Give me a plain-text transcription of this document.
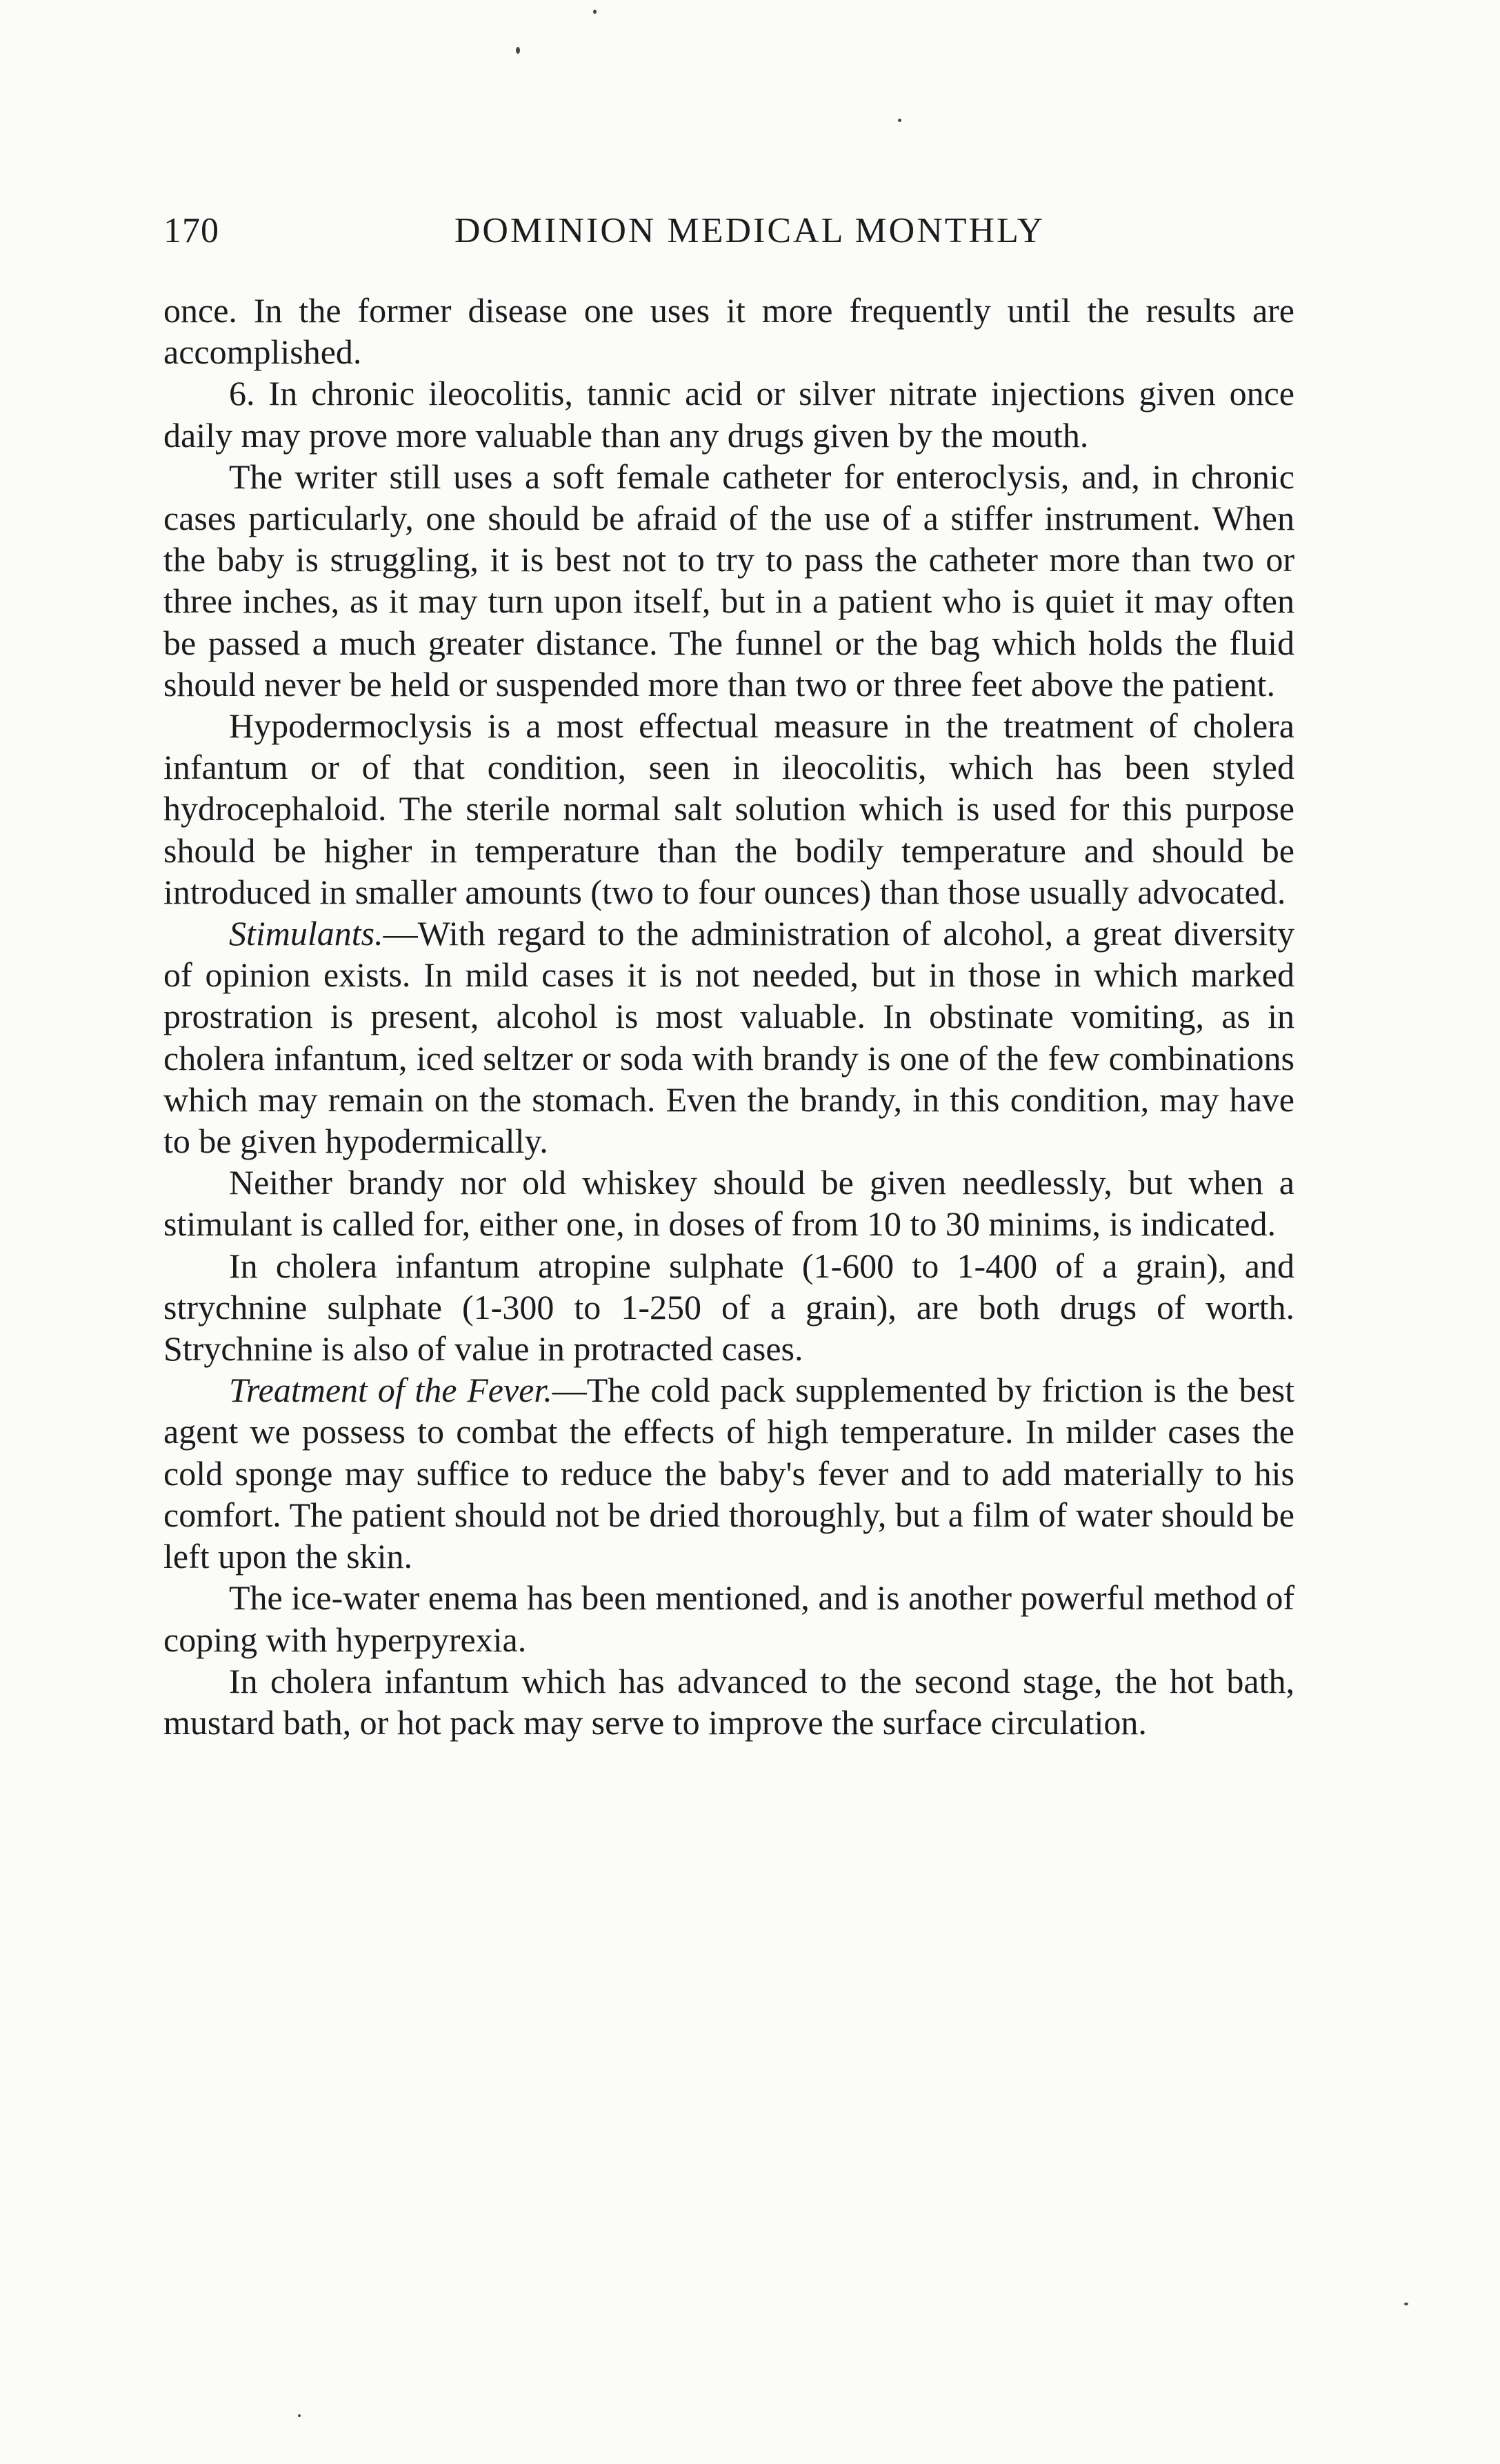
170	DOMINION MEDICAL MONTHLY

once. In the former disease one uses it more frequently until the results are accomplished.

6. In chronic ileocolitis, tannic acid or silver nitrate injections given once daily may prove more valuable than any drugs given by the mouth.

The writer still uses a soft female catheter for enteroclysis, and, in chronic cases particularly, one should be afraid of the use of a stiffer instrument. When the baby is struggling, it is best not to try to pass the catheter more than two or three inches, as it may turn upon itself, but in a patient who is quiet it may often be passed a much greater distance. The funnel or the bag which holds the fluid should never be held or suspended more than two or three feet above the patient.

Hypodermoclysis is a most effectual measure in the treatment of cholera infantum or of that condition, seen in ileocolitis, which has been styled hydrocephaloid. The sterile normal salt solution which is used for this purpose should be higher in temperature than the bodily temperature and should be introduced in smaller amounts (two to four ounces) than those usually advocated.

Stimulants.—With regard to the administration of alcohol, a great diversity of opinion exists. In mild cases it is not needed, but in those in which marked prostration is present, alcohol is most valuable. In obstinate vomiting, as in cholera infantum, iced seltzer or soda with brandy is one of the few combinations which may remain on the stomach. Even the brandy, in this condition, may have to be given hypodermically.

Neither brandy nor old whiskey should be given needlessly, but when a stimulant is called for, either one, in doses of from 10 to 30 minims, is indicated.

In cholera infantum atropine sulphate (1-600 to 1-400 of a grain), and strychnine sulphate (1-300 to 1-250 of a grain), are both drugs of worth. Strychnine is also of value in protracted cases.

Treatment of the Fever.—The cold pack supplemented by friction is the best agent we possess to combat the effects of high temperature. In milder cases the cold sponge may suffice to reduce the baby's fever and to add materially to his comfort. The patient should not be dried thoroughly, but a film of water should be left upon the skin.

The ice-water enema has been mentioned, and is another powerful method of coping with hyperpyrexia.

In cholera infantum which has advanced to the second stage, the hot bath, mustard bath, or hot pack may serve to improve the surface circulation.
